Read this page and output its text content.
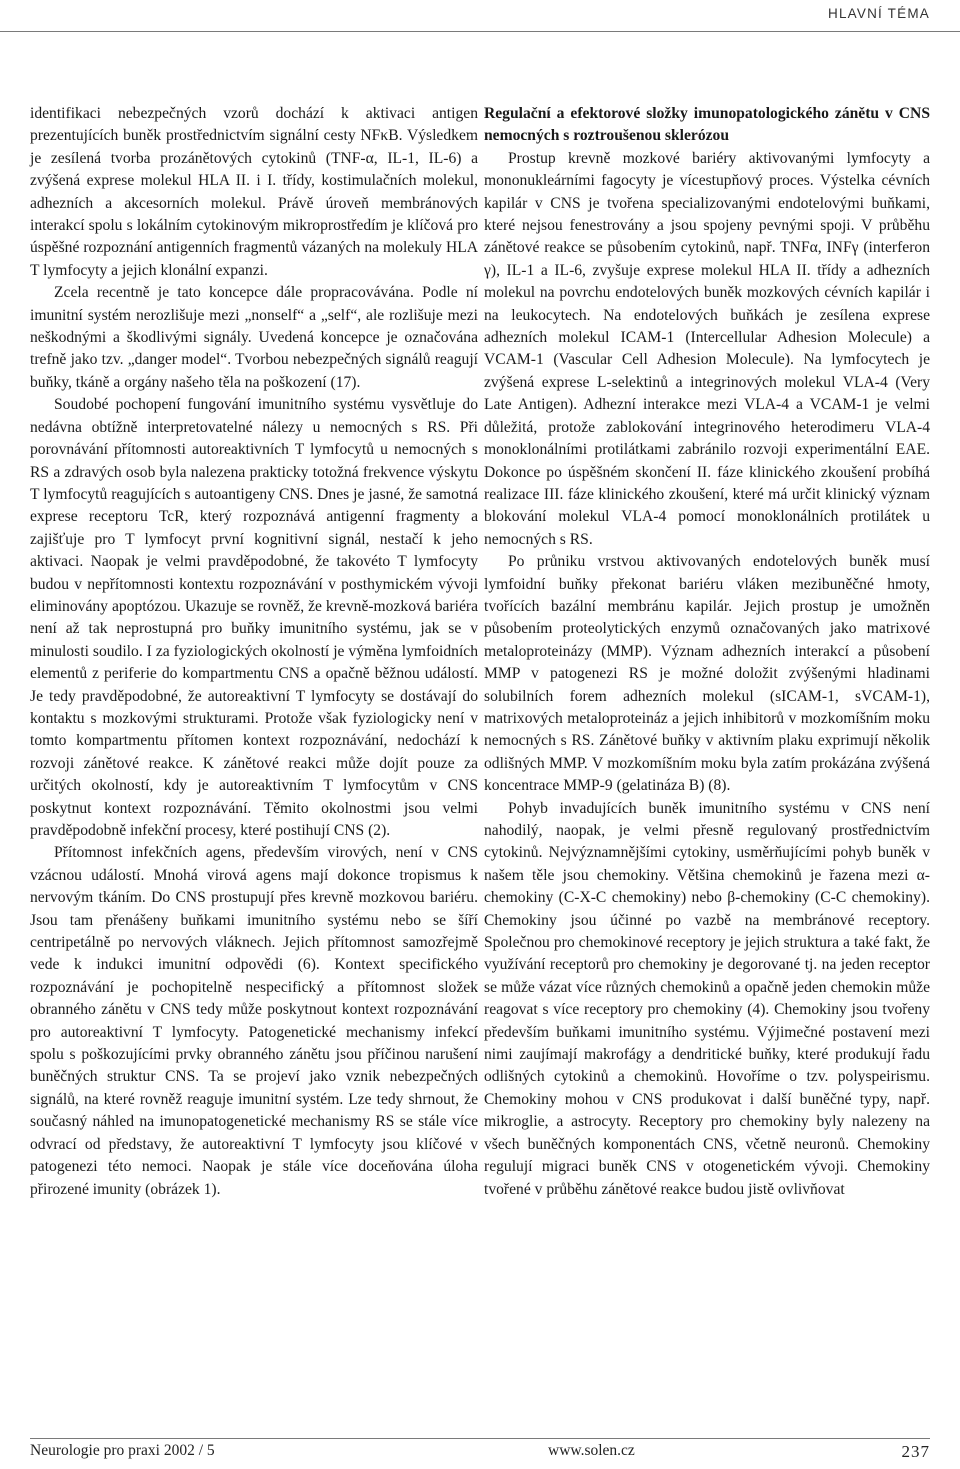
HLAVNÍ TÉMA

identifikaci nebezpečných vzorů dochází k aktivaci antigen prezentujících buněk prostřednictvím signální cesty NFκB. Výsledkem je zesílená tvorba prozánětových cytokinů (TNF-α, IL-1, IL-6) a zvýšená exprese molekul HLA II. i I. třídy, kostimulačních molekul, adhezních a akcesorních molekul. Právě úroveň membránových interakcí spolu s lokálním cytokinovým mikroprostředím je klíčová pro úspěšné rozpoznání antigenních fragmentů vázaných na molekuly HLA T lymfocyty a jejich klonální expanzi.

Zcela recentně je tato koncepce dále propracovávána. Podle ní imunitní systém nerozlišuje mezi „nonself“ a „self“, ale rozlišuje mezi neškodnými a škodlivými signály. Uvedená koncepce je označována trefně jako tzv. „danger model“. Tvorbou nebezpečných signálů reagují buňky, tkáně a orgány našeho těla na poškození (17).

Soudobé pochopení fungování imunitního systému vysvětluje do nedávna obtížně interpretovatelné nálezy u nemocných s RS. Při porovnávání přítomnosti autoreaktivních T lymfocytů u nemocných s RS a zdravých osob byla nalezena prakticky totožná frekvence výskytu T lymfocytů reagujících s autoantigeny CNS. Dnes je jasné, že samotná exprese receptoru TcR, který rozpoznává antigenní fragmenty a zajišťuje pro T lymfocyt první kognitivní signál, nestačí k jeho aktivaci. Naopak je velmi pravděpodobné, že takovéto T lymfocyty budou v nepřítomnosti kontextu rozpoznávání v posthymickém vývoji eliminovány apoptózou. Ukazuje se rovněž, že krevně-mozková bariéra není až tak neprostupná pro buňky imunitního systému, jak se v minulosti soudilo. I za fyziologických okolností je výměna lymfoidních elementů z periferie do kompartmentu CNS a opačně běžnou událostí. Je tedy pravděpodobné, že autoreaktivní T lymfocyty se dostávají do kontaktu s mozkovými strukturami. Protože však fyziologicky není v tomto kompartmentu přítomen kontext rozpoznávání, nedochází k rozvoji zánětové reakce. K zánětové reakci může dojít pouze za určitých okolností, kdy je autoreaktivním T lymfocytům v CNS poskytnut kontext rozpoznávání. Těmito okolnostmi jsou velmi pravděpodobně infekční procesy, které postihují CNS (2).

Přítomnost infekčních agens, především virových, není v CNS vzácnou událostí. Mnohá virová agens mají dokonce tropismus k nervovým tkáním. Do CNS prostupují přes krevně mozkovou bariéru. Jsou tam přenášeny buňkami imunitního systému nebo se šíří centripetálně po nervových vláknech. Jejich přítomnost samozřejmě vede k indukci imunitní odpovědi (6). Kontext specifického rozpoznávání je pochopitelně nespecifický a přítomnost složek obranného zánětu v CNS tedy může poskytnout kontext rozpoznávání pro autoreaktivní T lymfocyty. Patogenetické mechanismy infekcí spolu s poškozujícími prvky obranného zánětu jsou příčinou narušení buněčných struktur CNS. Ta se projeví jako vznik nebezpečných signálů, na které rovněž reaguje imunitní systém. Lze tedy shrnout, že současný náhled na imunopatogenetické mechanismy RS se stále více odvrací od představy, že autoreaktivní T lymfocyty jsou klíčové v patogenezi této nemoci. Naopak je stále více doceňována úloha přirozené imunity (obrázek 1).

Regulační a efektorové složky imunopatologického zánětu v CNS nemocných s roztroušenou sklerózou

Prostup krevně mozkové bariéry aktivovanými lymfocyty a mononukleárními fagocyty je vícestupňový proces. Výstelka cévních kapilár v CNS je tvořena specializovanými endotelovými buňkami, které nejsou fenestrovány a jsou spojeny pevnými spoji. V průběhu zánětové reakce se působením cytokinů, např. TNFα, INFγ (interferon γ), IL-1 a IL-6, zvyšuje exprese molekul HLA II. třídy a adhezních molekul na povrchu endotelových buněk mozkových cévních kapilár i na leukocytech. Na endotelových buňkách je zesílena exprese adhezních molekul ICAM-1 (Intercellular Adhesion Molecule) a VCAM-1 (Vascular Cell Adhesion Molecule). Na lymfocytech je zvýšená exprese L-selektinů a integrinových molekul VLA-4 (Very Late Antigen). Adhezní interakce mezi VLA-4 a VCAM-1 je velmi důležitá, protože zablokování integrinového heterodimeru VLA-4 monoklonálními protilátkami zabránilo rozvoji experimentální EAE. Dokonce po úspěšném skončení II. fáze klinického zkoušení probíhá realizace III. fáze klinického zkoušení, které má určit klinický význam blokování molekul VLA-4 pomocí monoklonálních protilátek u nemocných s RS.

Po průniku vrstvou aktivovaných endotelových buněk musí lymfoidní buňky překonat bariéru vláken mezibuněčné hmoty, tvořících bazální membránu kapilár. Jejich prostup je umožněn působením proteolytických enzymů označovaných jako matrixové metaloproteinázy (MMP). Význam adhezních interakcí a působení MMP v patogenezi RS je možné doložit zvýšenými hladinami solubilních forem adhezních molekul (sICAM-1, sVCAM-1), matrixových metaloproteináz a jejich inhibitorů v mozkomíšním moku nemocných s RS. Zánětové buňky v aktivním plaku exprimují několik odlišných MMP. V mozkomíšním moku byla zatím prokázána zvýšená koncentrace MMP-9 (gelatináza B) (8).

Pohyb invadujících buněk imunitního systému v CNS není nahodilý, naopak, je velmi přesně regulovaný prostřednictvím cytokinů. Nejvýznamnějšími cytokiny, usměrňujícími pohyb buněk v našem těle jsou chemokiny. Většina chemokinů je řazena mezi α-chemokiny (C-X-C chemokiny) nebo β-chemokiny (C-C chemokiny). Chemokiny jsou účinné po vazbě na membránové receptory. Společnou pro chemokinové receptory je jejich struktura a také fakt, že využívání receptorů pro chemokiny je degorované tj. na jeden receptor se může vázat více různých chemokinů a opačně jeden chemokin může reagovat s více receptory pro chemokiny (4). Chemokiny jsou tvořeny především buňkami imunitního systému. Výjimečné postavení mezi nimi zaujímají makrofágy a dendritické buňky, které produkují řadu odlišných cytokinů a chemokinů. Hovoříme o tzv. polyspeirismu. Chemokiny mohou v CNS produkovat i další buněčné typy, např. mikroglie, a astrocyty. Receptory pro chemokiny byly nalezeny na všech buněčných komponentách CNS, včetně neuronů. Chemokiny regulují migraci buněk CNS v otogenetickém vývoji. Chemokiny tvořené v průběhu zánětové reakce budou jistě ovlivňovat

Neurologie pro praxi 2002 / 5	www.solen.cz	237
